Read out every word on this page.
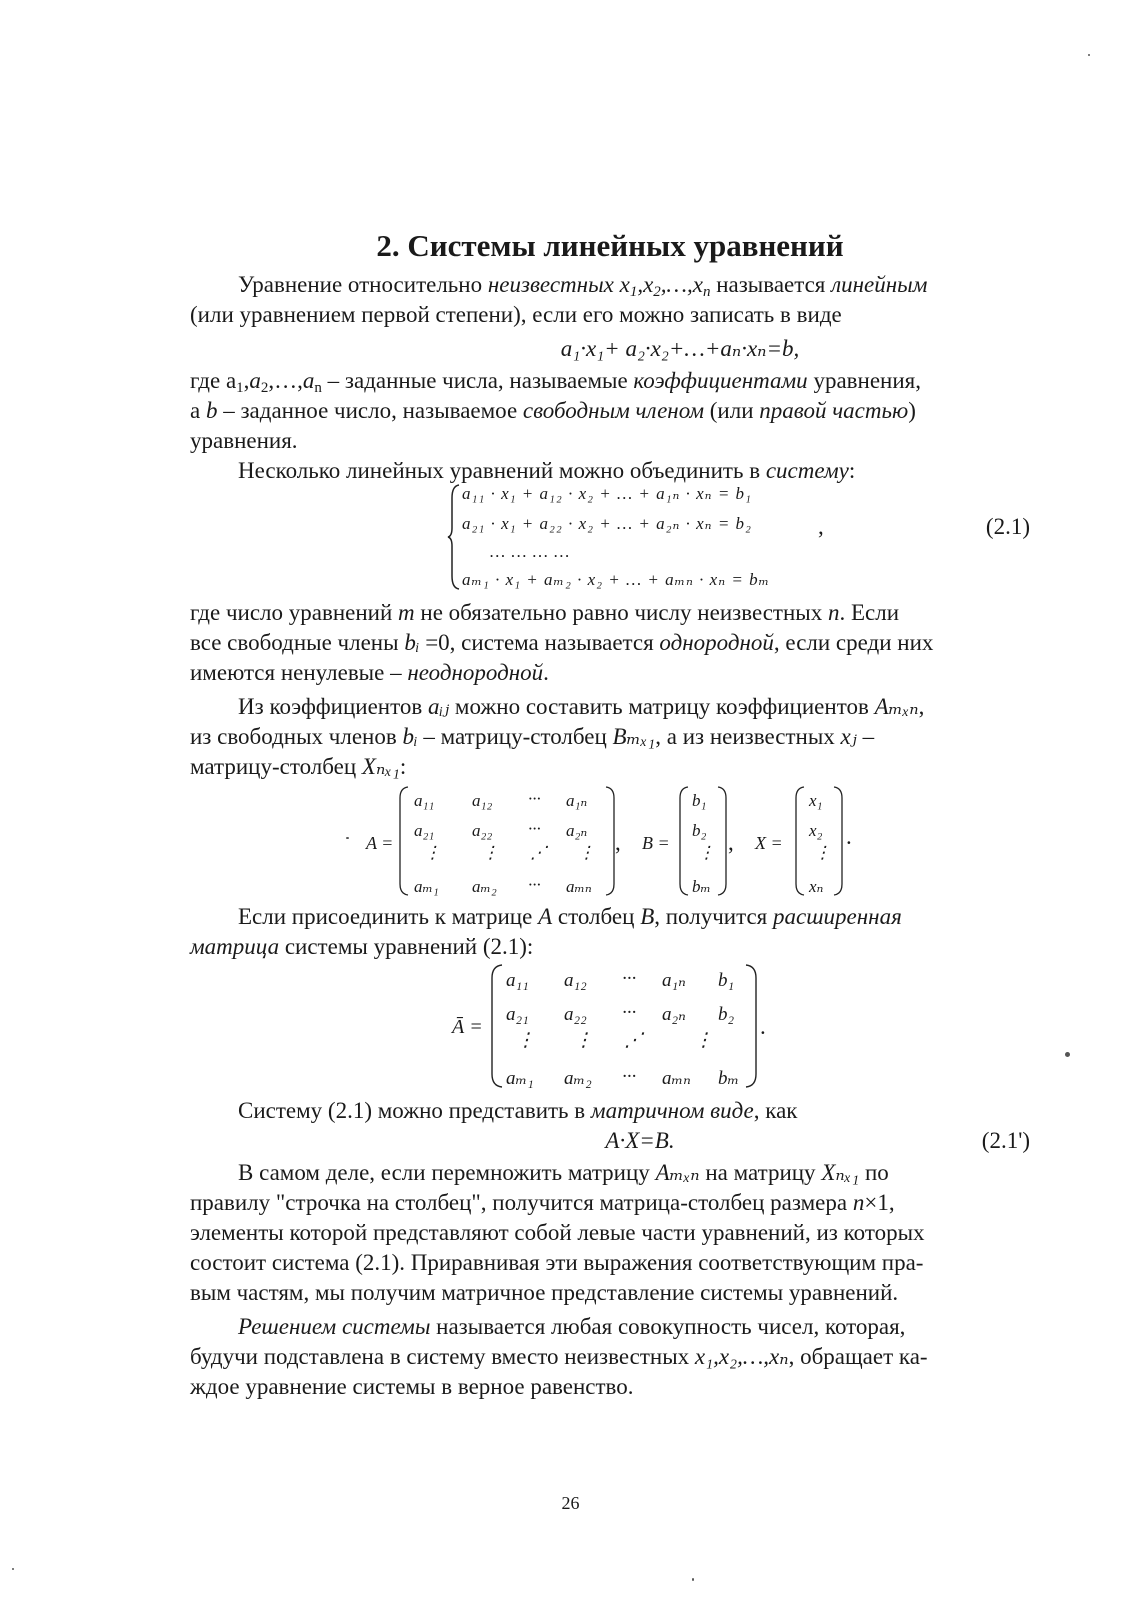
2. Системы линейных уравнений
Уравнение относительно неизвестных $x_1,x_2,\dots,x_n$ называется линейным
(или уравнением первой степени), если его можно записать в виде
a₁·x₁+ a₂·x₂+…+aₙ·xₙ=b,
где $a_1,a_2,\dots,a_n$ – заданные числа, называемые коэффициентами уравнения,
а b – заданное число, называемое свободным членом (или правой частью)
уравнения.
Несколько линейных уравнений можно объединить в систему:
a₁₁ · x₁ + a₁₂ · x₂ + … + a₁ₙ · xₙ = b₁
a₂₁ · x₁ + a₂₂ · x₂ + … + a₂ₙ · xₙ = b₂
… … … …
aₘ₁ · x₁ + aₘ₂ · x₂ + … + aₘₙ · xₙ = bₘ
,	(2.1)
где число уравнений m не обязательно равно числу неизвестных n. Если
все свободные члены bᵢ =0, система называется однородной, если среди них
имеются ненулевые – неоднородной.
Из коэффициентов aᵢⱼ можно составить матрицу коэффициентов Aₘₓₙ,
из свободных членов bᵢ – матрицу-столбец Bₘₓ₁, а из неизвестных xⱼ –
матрицу-столбец Xₙₓ₁:
A =
a₁₁ a₁₂ ··· a₁ₙ
a₂₁ a₂₂ ··· a₂ₙ
⋮ ⋮ ⋰ ⋮
aₘ₁ aₘ₂ ··· aₘₙ
, B =
b₁
b₂
⋮
bₘ
, X =
x₁
x₂
⋮
xₙ
.
Если присоединить к матрице A столбец B, получится расширенная
матрица системы уравнений (2.1):
Ā =
a₁₁ a₁₂ ··· a₁ₙ b₁
a₂₁ a₂₂ ··· a₂ₙ b₂
⋮ ⋮ ⋰	⋮
aₘ₁ aₘ₂ ··· aₘₙ bₘ
.
Систему (2.1) можно представить в матричном виде, как
A·X=B.	(2.1')
В самом деле, если перемножить матрицу Aₘₓₙ на матрицу Xₙₓ₁ по
правилу "строчка на столбец", получится матрица-столбец размера n×1,
элементы которой представляют собой левые части уравнений, из которых
состоит система (2.1). Приравнивая эти выражения соответствующим пра-
вым частям, мы получим матричное представление системы уравнений.
Решением системы называется любая совокупность чисел, которая,
будучи подставлена в систему вместо неизвестных x₁,x₂,…,xₙ, обращает ка-
ждое уравнение системы в верное равенство.
26
